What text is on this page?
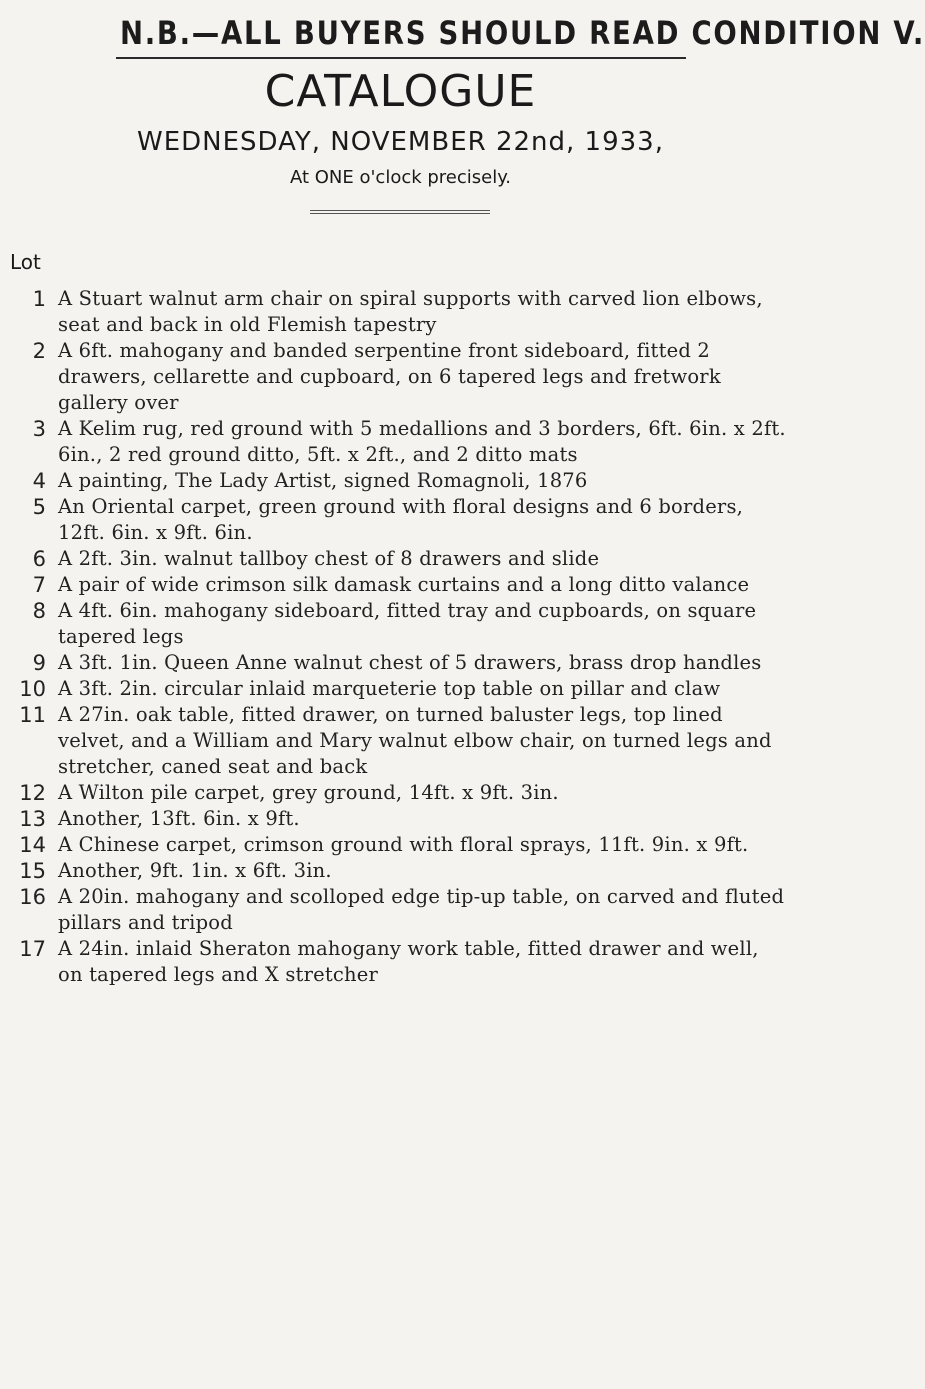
N.B.—ALL BUYERS SHOULD READ CONDITION V.
CATALOGUE
WEDNESDAY, NOVEMBER 22nd, 1933,
At ONE o'clock precisely.
Lot
1 A Stuart walnut arm chair on spiral supports with carved lion elbows, seat and back in old Flemish tapestry
2 A 6ft. mahogany and banded serpentine front sideboard, fitted 2 drawers, cellarette and cupboard, on 6 tapered legs and fretwork gallery over
3 A Kelim rug, red ground with 5 medallions and 3 borders, 6ft. 6in. x 2ft. 6in., 2 red ground ditto, 5ft. x 2ft., and 2 ditto mats
4 A painting, The Lady Artist, signed Romagnoli, 1876
5 An Oriental carpet, green ground with floral designs and 6 borders, 12ft. 6in. x 9ft. 6in.
6 A 2ft. 3in. walnut tallboy chest of 8 drawers and slide
7 A pair of wide crimson silk damask curtains and a long ditto valance
8 A 4ft. 6in. mahogany sideboard, fitted tray and cupboards, on square tapered legs
9 A 3ft. 1in. Queen Anne walnut chest of 5 drawers, brass drop handles
10 A 3ft. 2in. circular inlaid marqueterie top table on pillar and claw
11 A 27in. oak table, fitted drawer, on turned baluster legs, top lined velvet, and a William and Mary walnut elbow chair, on turned legs and stretcher, caned seat and back
12 A Wilton pile carpet, grey ground, 14ft. x 9ft. 3in.
13 Another, 13ft. 6in. x 9ft.
14 A Chinese carpet, crimson ground with floral sprays, 11ft. 9in. x 9ft.
15 Another, 9ft. 1in. x 6ft. 3in.
16 A 20in. mahogany and scolloped edge tip-up table, on carved and fluted pillars and tripod
17 A 24in. inlaid Sheraton mahogany work table, fitted drawer and well, on tapered legs and X stretcher
